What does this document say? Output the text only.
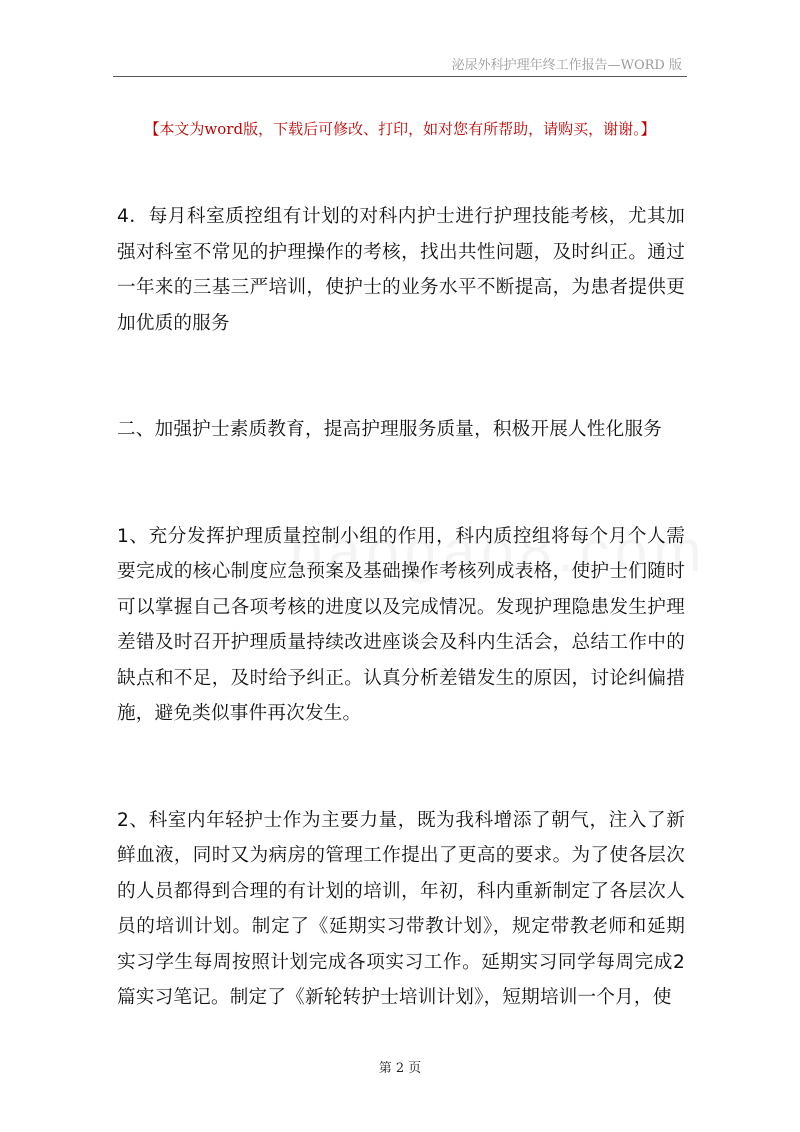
泌尿外科护理年终工作报告—WORD 版
【本文为word版，下载后可修改、打印，如对您有所帮助，请购买，谢谢。】

4．每月科室质控组有计划的对科内护士进行护理技能考核，尤其加强对科室不常见的护理操作的考核，找出共性问题，及时纠正。通过一年来的三基三严培训，使护士的业务水平不断提高，为患者提供更加优质的服务

二、加强护士素质教育，提高护理服务质量，积极开展人性化服务

1、充分发挥护理质量控制小组的作用，科内质控组将每个月个人需要完成的核心制度应急预案及基础操作考核列成表格，使护士们随时可以掌握自己各项考核的进度以及完成情况。发现护理隐患发生护理差错及时召开护理质量持续改进座谈会及科内生活会，总结工作中的缺点和不足，及时给予纠正。认真分析差错发生的原因，讨论纠偏措施，避免类似事件再次发生。

2、科室内年轻护士作为主要力量，既为我科增添了朝气，注入了新鲜血液，同时又为病房的管理工作提出了更高的要求。为了使各层次的人员都得到合理的有计划的培训，年初，科内重新制定了各层次人员的培训计划。制定了《延期实习带教计划》，规定带教老师和延期实习学生每周按照计划完成各项实习工作。延期实习同学每周完成2篇实习笔记。制定了《新轮转护士培训计划》，短期培训一个月，使

第 2 页
